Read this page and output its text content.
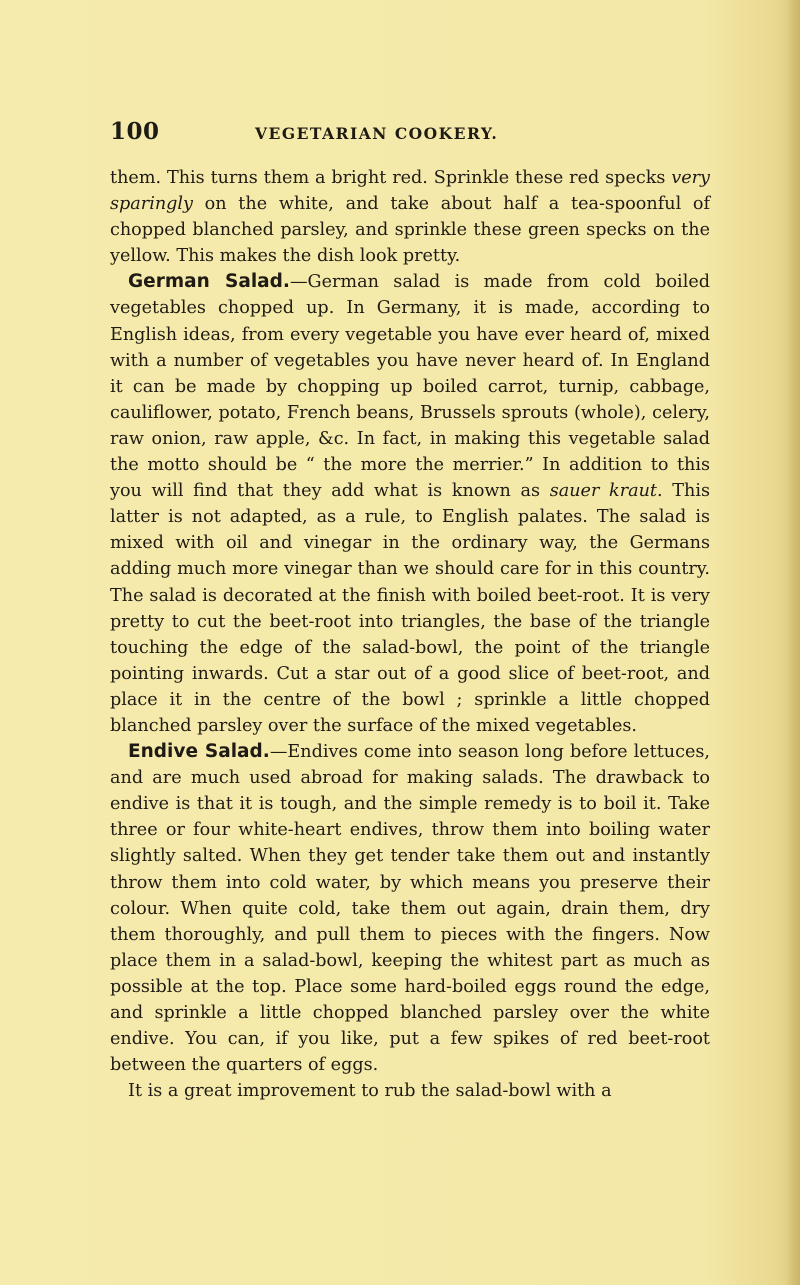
100	VEGETARIAN COOKERY.

them. This turns them a bright red. Sprinkle these red specks very sparingly on the white, and take about half a tea-spoonful of chopped blanched parsley, and sprinkle these green specks on the yellow. This makes the dish look pretty.

German Salad.—German salad is made from cold boiled vegetables chopped up. In Germany, it is made, according to English ideas, from every vegetable you have ever heard of, mixed with a number of vegetables you have never heard of. In England it can be made by chopping up boiled carrot, turnip, cabbage, cauliflower, potato, French beans, Brussels sprouts (whole), celery, raw onion, raw apple, &c. In fact, in making this vegetable salad the motto should be “ the more the merrier.” In addition to this you will find that they add what is known as sauer kraut. This latter is not adapted, as a rule, to English palates. The salad is mixed with oil and vinegar in the ordinary way, the Germans adding much more vinegar than we should care for in this country. The salad is decorated at the finish with boiled beet-root. It is very pretty to cut the beet-root into triangles, the base of the triangle touching the edge of the salad-bowl, the point of the triangle pointing inwards. Cut a star out of a good slice of beet-root, and place it in the centre of the bowl ; sprinkle a little chopped blanched parsley over the surface of the mixed vegetables.

Endive Salad.—Endives come into season long before lettuces, and are much used abroad for making salads. The drawback to endive is that it is tough, and the simple remedy is to boil it. Take three or four white-heart endives, throw them into boiling water slightly salted. When they get tender take them out and instantly throw them into cold water, by which means you preserve their colour. When quite cold, take them out again, drain them, dry them thoroughly, and pull them to pieces with the fingers. Now place them in a salad-bowl, keeping the whitest part as much as possible at the top. Place some hard-boiled eggs round the edge, and sprinkle a little chopped blanched parsley over the white endive. You can, if you like, put a few spikes of red beet-root between the quarters of eggs.

It is a great improvement to rub the salad-bowl with a
